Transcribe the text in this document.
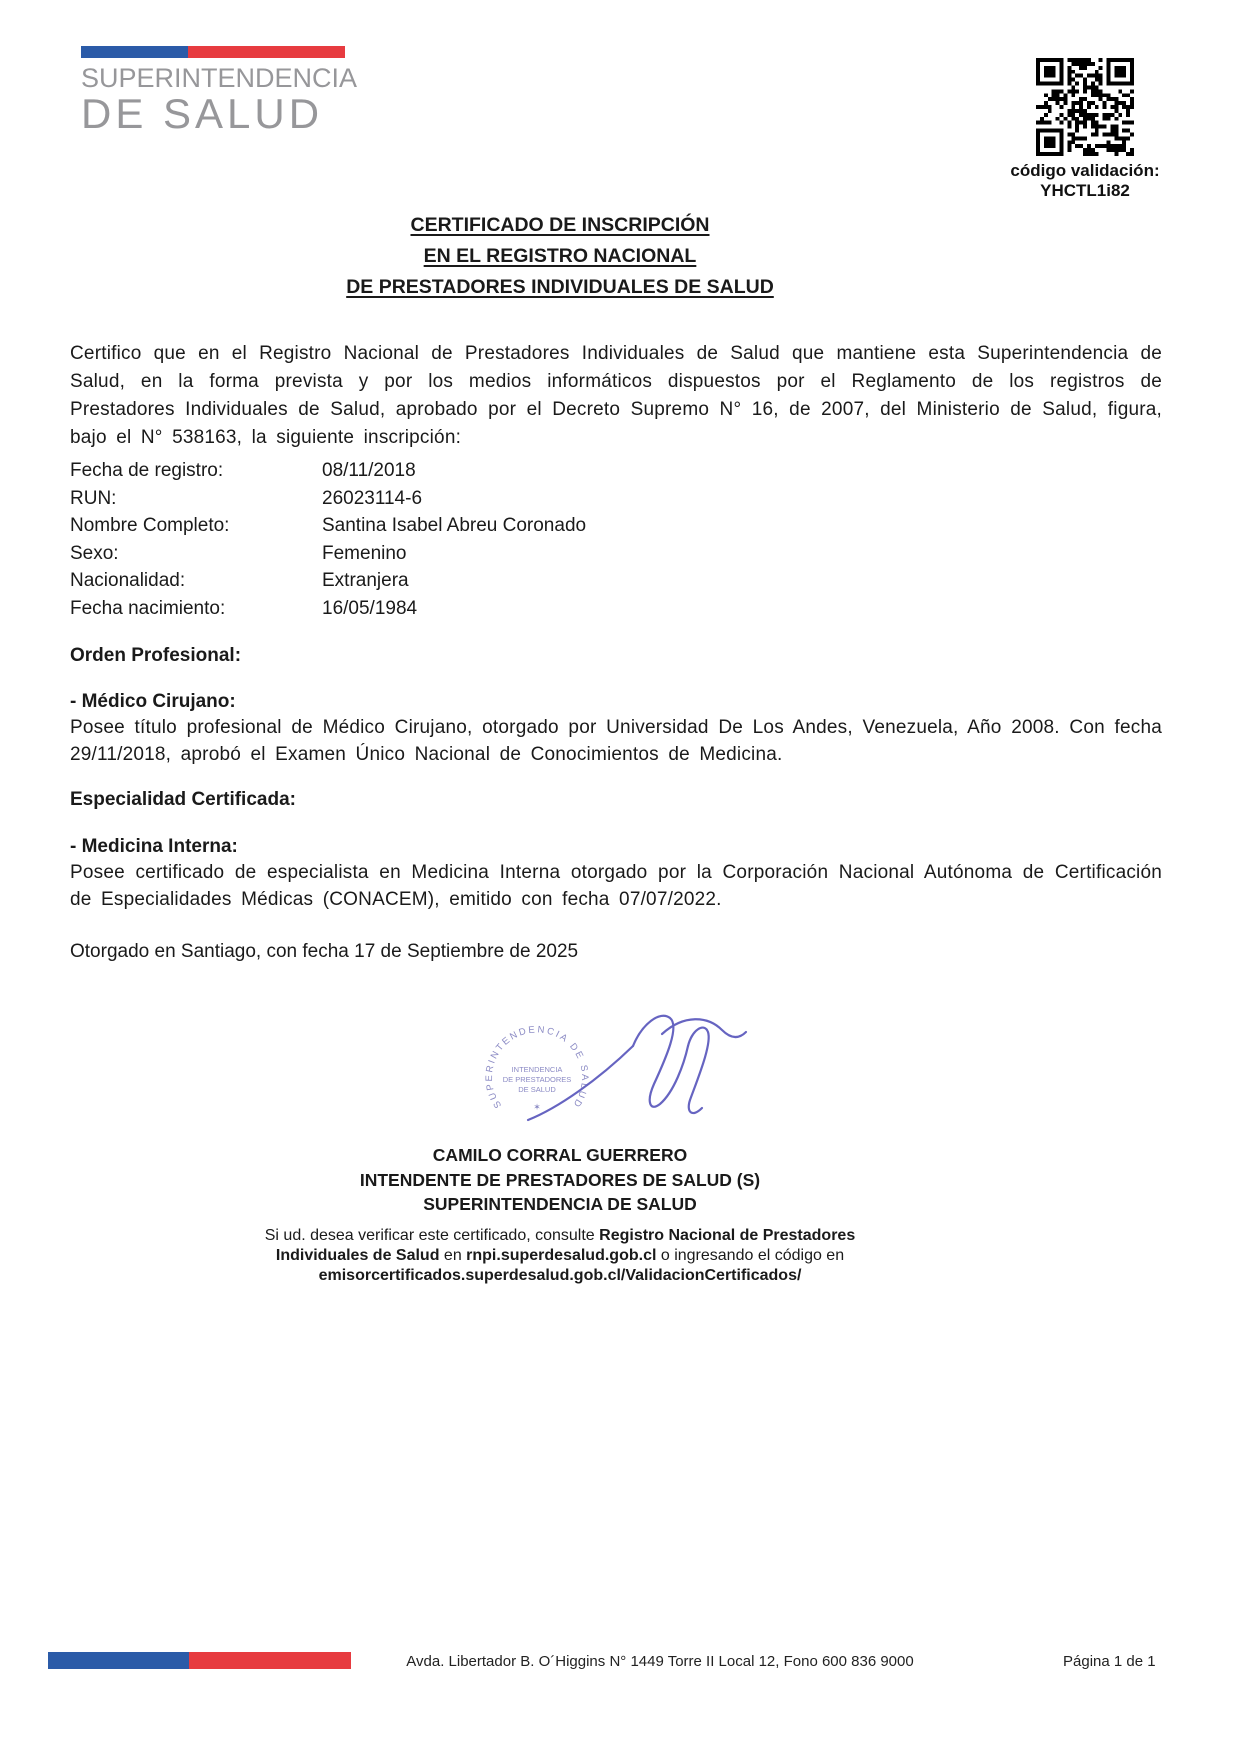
SUPERINTENDENCIA
DE SALUD
código validación:
YHCTL1i82
CERTIFICADO DE INSCRIPCIÓN
EN EL REGISTRO NACIONAL
DE PRESTADORES INDIVIDUALES DE SALUD
Certifico que en el Registro Nacional de Prestadores Individuales de Salud que mantiene esta Superintendencia de Salud, en la forma prevista y por los medios informáticos dispuestos por el Reglamento de los registros de Prestadores Individuales de Salud, aprobado por el Decreto Supremo N° 16, de 2007, del Ministerio de Salud, figura, bajo el N° 538163, la siguiente inscripción:
Fecha de registro:	08/11/2018
RUN:	26023114-6
Nombre Completo:	Santina Isabel Abreu Coronado
Sexo:	Femenino
Nacionalidad:	Extranjera
Fecha nacimiento:	16/05/1984
Orden Profesional:
- Médico Cirujano:
Posee título profesional de Médico Cirujano, otorgado por Universidad De Los Andes, Venezuela, Año 2008. Con fecha 29/11/2018, aprobó el Examen Único Nacional de Conocimientos de Medicina.
Especialidad Certificada:
- Medicina Interna:
Posee certificado de especialista en Medicina Interna otorgado por la Corporación Nacional Autónoma de Certificación de Especialidades Médicas (CONACEM), emitido con fecha 07/07/2022.
Otorgado en Santiago, con fecha 17 de Septiembre de 2025
SUPERINTENDENCIA DE SALUD
INTENDENCIA
DE PRESTADORES
DE SALUD
✶
CAMILO CORRAL GUERRERO
INTENDENTE DE PRESTADORES DE SALUD (S)
SUPERINTENDENCIA DE SALUD
Si ud. desea verificar este certificado, consulte Registro Nacional de Prestadores
Individuales de Salud en rnpi.superdesalud.gob.cl o ingresando el código en
emisorcertificados.superdesalud.gob.cl/ValidacionCertificados/
Avda. Libertador B. O´Higgins N° 1449 Torre II Local 12, Fono 600 836 9000	Página 1 de 1
